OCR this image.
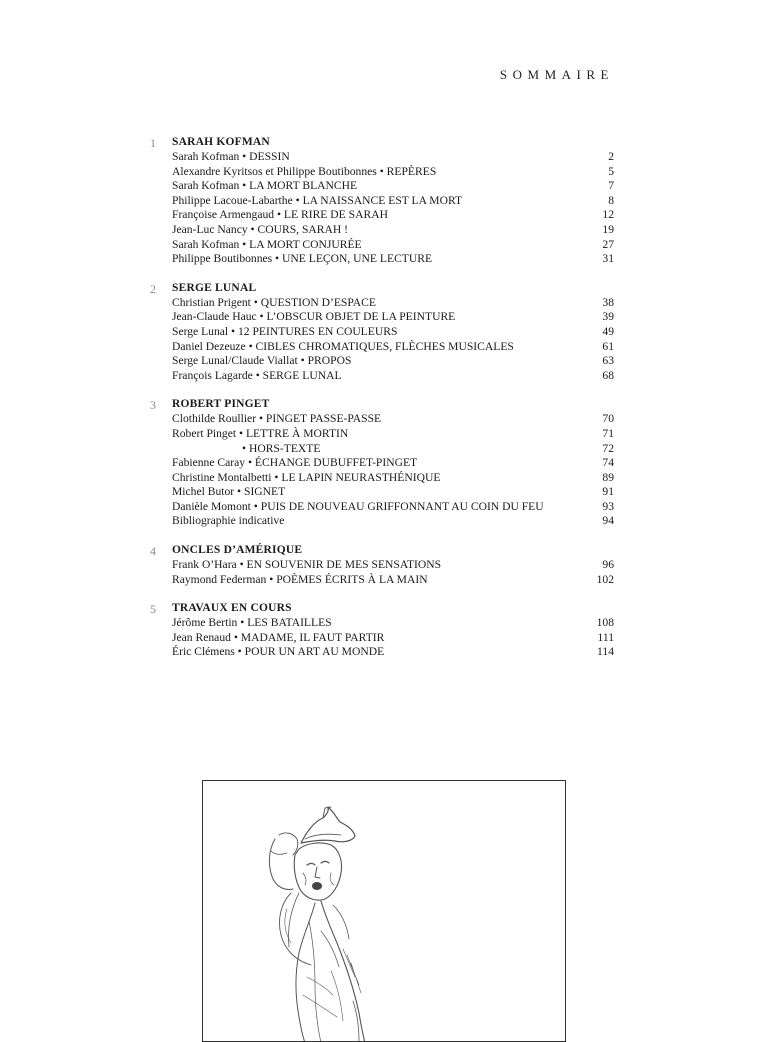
SOMMAIRE
1	SARAH KOFMAN
Sarah Kofman • DESSIN	2
Alexandre Kyritsos et Philippe Boutibonnes • REPÈRES	5
Sarah Kofman • LA MORT BLANCHE	7
Philippe Lacoue-Labarthe • LA NAISSANCE EST LA MORT	8
Françoise Armengaud • LE RIRE DE SARAH	12
Jean-Luc Nancy • COURS, SARAH !	19
Sarah Kofman • LA MORT CONJURÉE	27
Philippe Boutibonnes • UNE LEÇON, UNE LECTURE	31
2	SERGE LUNAL
Christian Prigent • QUESTION D’ESPACE	38
Jean-Claude Hauc • L’OBSCUR OBJET DE LA PEINTURE	39
Serge Lunal • 12 PEINTURES EN COULEURS	49
Daniel Dezeuze • CIBLES CHROMATIQUES, FLÈCHES MUSICALES	61
Serge Lunal/Claude Viallat • PROPOS	63
François Lagarde • SERGE LUNAL	68
3	ROBERT PINGET
Clothilde Roullier • PINGET PASSE-PASSE	70
Robert Pinget • LETTRE À MORTIN	71
• HORS-TEXTE	72
Fabienne Caray • ÉCHANGE DUBUFFET-PINGET	74
Christine Montalbetti • LE LAPIN NEURASTHÉNIQUE	89
Michel Butor • SIGNET	91
Danièle Momont • PUIS DE NOUVEAU GRIFFONNANT AU COIN DU FEU	93
Bibliographie indicative	94
4	ONCLES D’AMÉRIQUE
Frank O’Hara • EN SOUVENIR DE MES SENSATIONS	96
Raymond Federman • POÈMES ÉCRITS À LA MAIN	102
5	TRAVAUX EN COURS
Jérôme Bertin • LES BATAILLES	108
Jean Renaud • MADAME, IL FAUT PARTIR	111
Éric Clémens • POUR UN ART AU MONDE	114
